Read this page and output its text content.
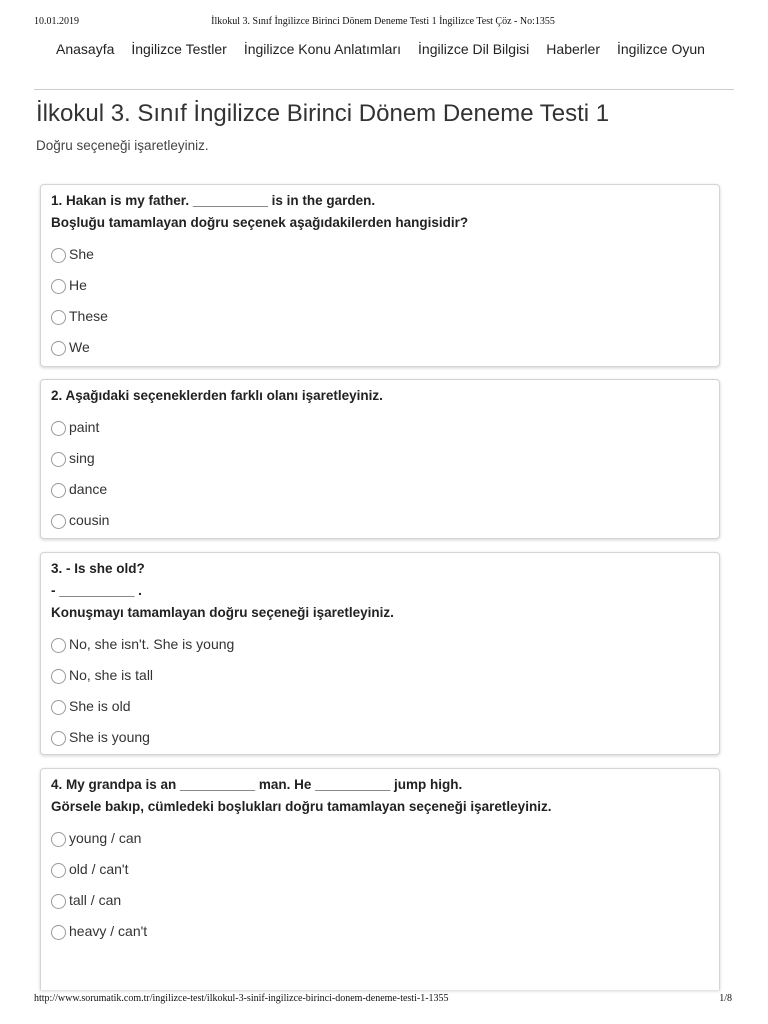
10.01.2019	İlkokul 3. Sınıf İngilizce Birinci Dönem Deneme Testi 1 İngilizce Test Çöz - No:1355
Anasayfa İngilizce Testler İngilizce Konu Anlatımları İngilizce Dil Bilgisi Haberler İngilizce Oyun
İlkokul 3. Sınıf İngilizce Birinci Dönem Deneme Testi 1

Doğru seçeneği işaretleyiniz.

1. Hakan is my father. __________ is in the garden.
Boşluğu tamamlayan doğru seçenek aşağıdakilerden hangisidir?
She
He
These
We
2. Aşağıdaki seçeneklerden farklı olanı işaretleyiniz.
paint
sing
dance
cousin
3. - Is she old?
- __________ .
Konuşmayı tamamlayan doğru seçeneği işaretleyiniz.
No, she isn't. She is young
No, she is tall
She is old
She is young
4. My grandpa is an __________ man. He __________ jump high.
Görsele bakıp, cümledeki boşlukları doğru tamamlayan seçeneği işaretleyiniz.
young / can
old / can't
tall / can
heavy / can't
http://www.sorumatik.com.tr/ingilizce-test/ilkokul-3-sinif-ingilizce-birinci-donem-deneme-testi-1-1355	1/8
